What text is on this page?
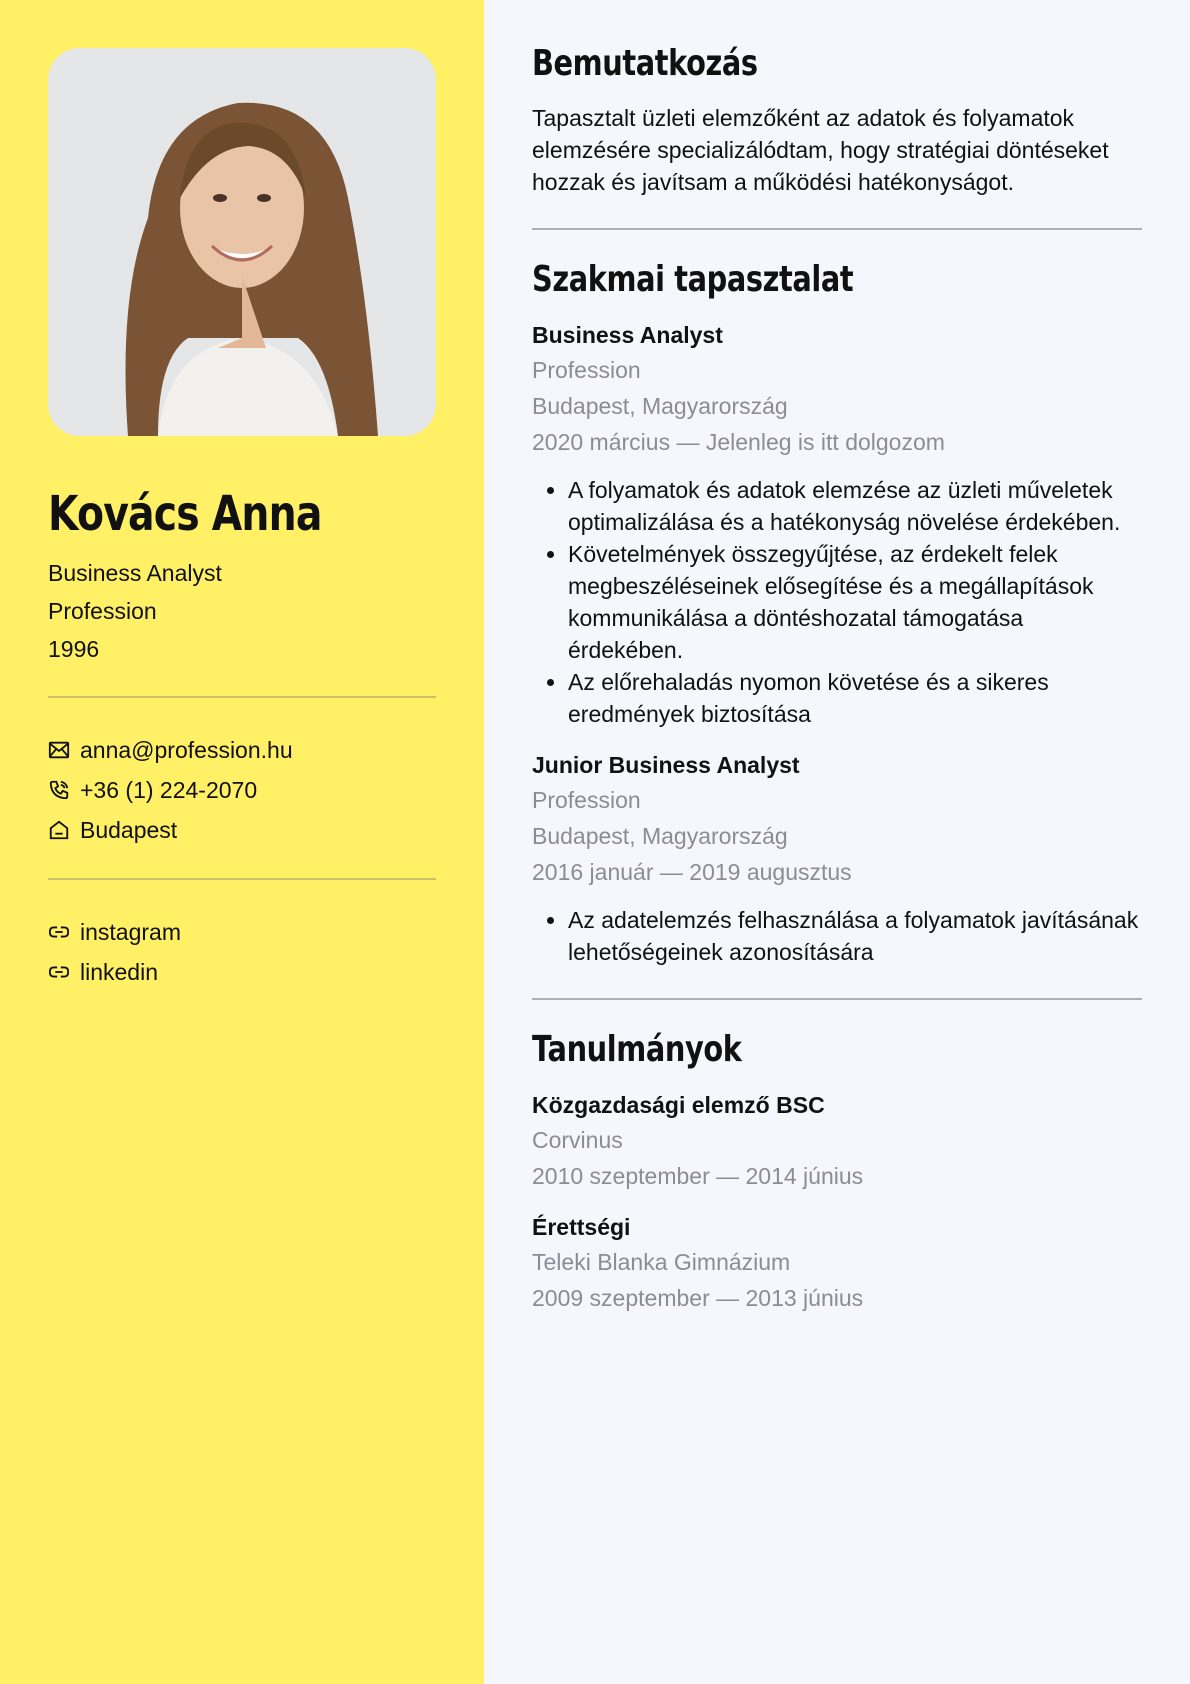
Kovács Anna
Business Analyst
Profession
1996
anna@profession.hu
+36 (1) 224-2070
Budapest
instagram
linkedin
Bemutatkozás

Tapasztalt üzleti elemzőként az adatok és folyamatok elemzésére specializálódtam, hogy stratégiai döntéseket hozzak és javítsam a működési hatékonyságot.

Szakmai tapasztalat
Business Analyst
Profession
Budapest, Magyarország
2020 március — Jelenleg is itt dolgozom
• A folyamatok és adatok elemzése az üzleti műveletek optimalizálása és a hatékonyság növelése érdekében.
• Követelmények összegyűjtése, az érdekelt felek megbeszéléseinek elősegítése és a megállapítások kommunikálása a döntéshozatal támogatása érdekében.
• Az előrehaladás nyomon követése és a sikeres eredmények biztosítása
Junior Business Analyst
Profession
Budapest, Magyarország
2016 január — 2019 augusztus
• Az adatelemzés felhasználása a folyamatok javításának lehetőségeinek azonosítására
Tanulmányok
Közgazdasági elemző BSC
Corvinus
2010 szeptember — 2014 június
Érettségi
Teleki Blanka Gimnázium
2009 szeptember — 2013 június
